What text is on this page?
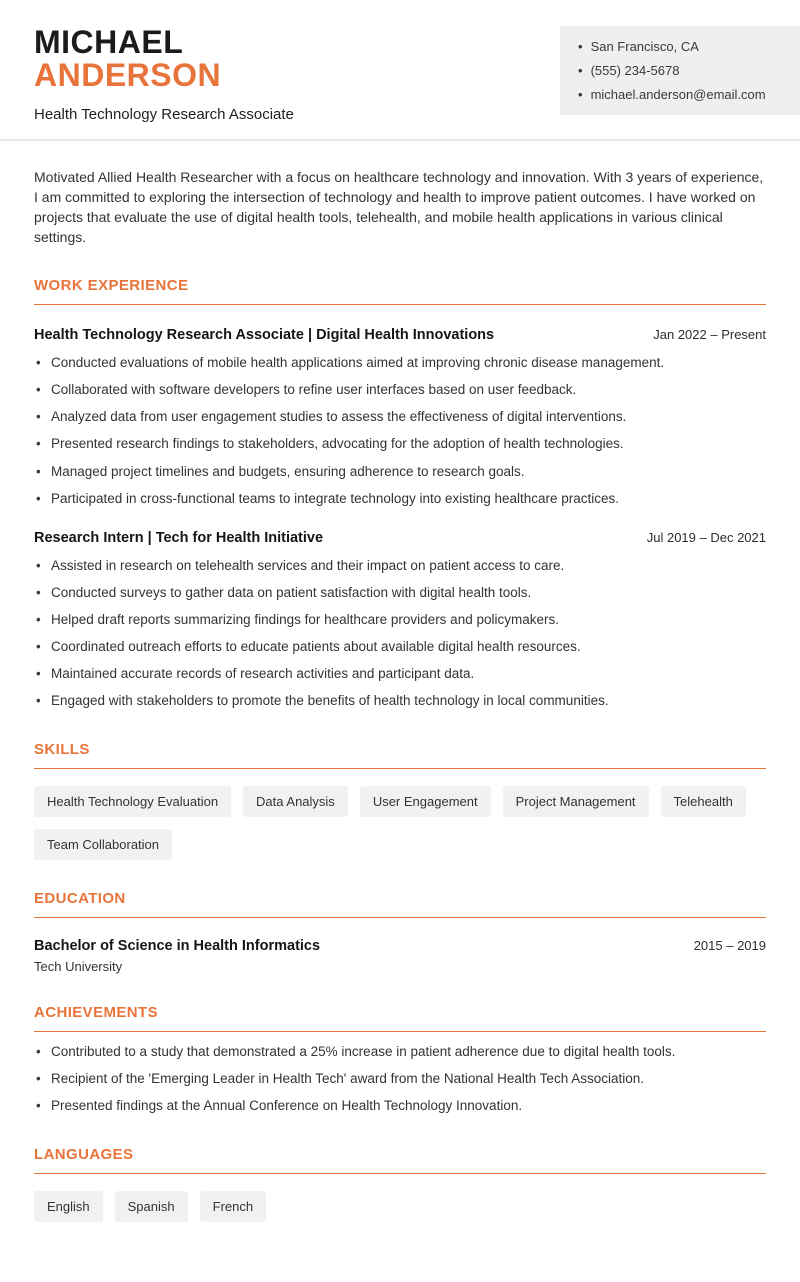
MICHAEL
ANDERSON
Health Technology Research Associate
• San Francisco, CA
• (555) 234-5678
• michael.anderson@email.com

Motivated Allied Health Researcher with a focus on healthcare technology and innovation. With 3 years of experience, I am committed to exploring the intersection of technology and health to improve patient outcomes. I have worked on projects that evaluate the use of digital health tools, telehealth, and mobile health applications in various clinical settings.

WORK EXPERIENCE
Health Technology Research Associate | Digital Health Innovations	Jan 2022 – Present
• Conducted evaluations of mobile health applications aimed at improving chronic disease management.
• Collaborated with software developers to refine user interfaces based on user feedback.
• Analyzed data from user engagement studies to assess the effectiveness of digital interventions.
• Presented research findings to stakeholders, advocating for the adoption of health technologies.
• Managed project timelines and budgets, ensuring adherence to research goals.
• Participated in cross-functional teams to integrate technology into existing healthcare practices.
Research Intern | Tech for Health Initiative	Jul 2019 – Dec 2021
• Assisted in research on telehealth services and their impact on patient access to care.
• Conducted surveys to gather data on patient satisfaction with digital health tools.
• Helped draft reports summarizing findings for healthcare providers and policymakers.
• Coordinated outreach efforts to educate patients about available digital health resources.
• Maintained accurate records of research activities and participant data.
• Engaged with stakeholders to promote the benefits of health technology in local communities.
SKILLS
Health Technology Evaluation	Data Analysis	User Engagement	Project Management	Telehealth
Team Collaboration
EDUCATION
Bachelor of Science in Health Informatics	2015 – 2019
Tech University
ACHIEVEMENTS
• Contributed to a study that demonstrated a 25% increase in patient adherence due to digital health tools.
• Recipient of the 'Emerging Leader in Health Tech' award from the National Health Tech Association.
• Presented findings at the Annual Conference on Health Technology Innovation.
LANGUAGES
English	Spanish	French
